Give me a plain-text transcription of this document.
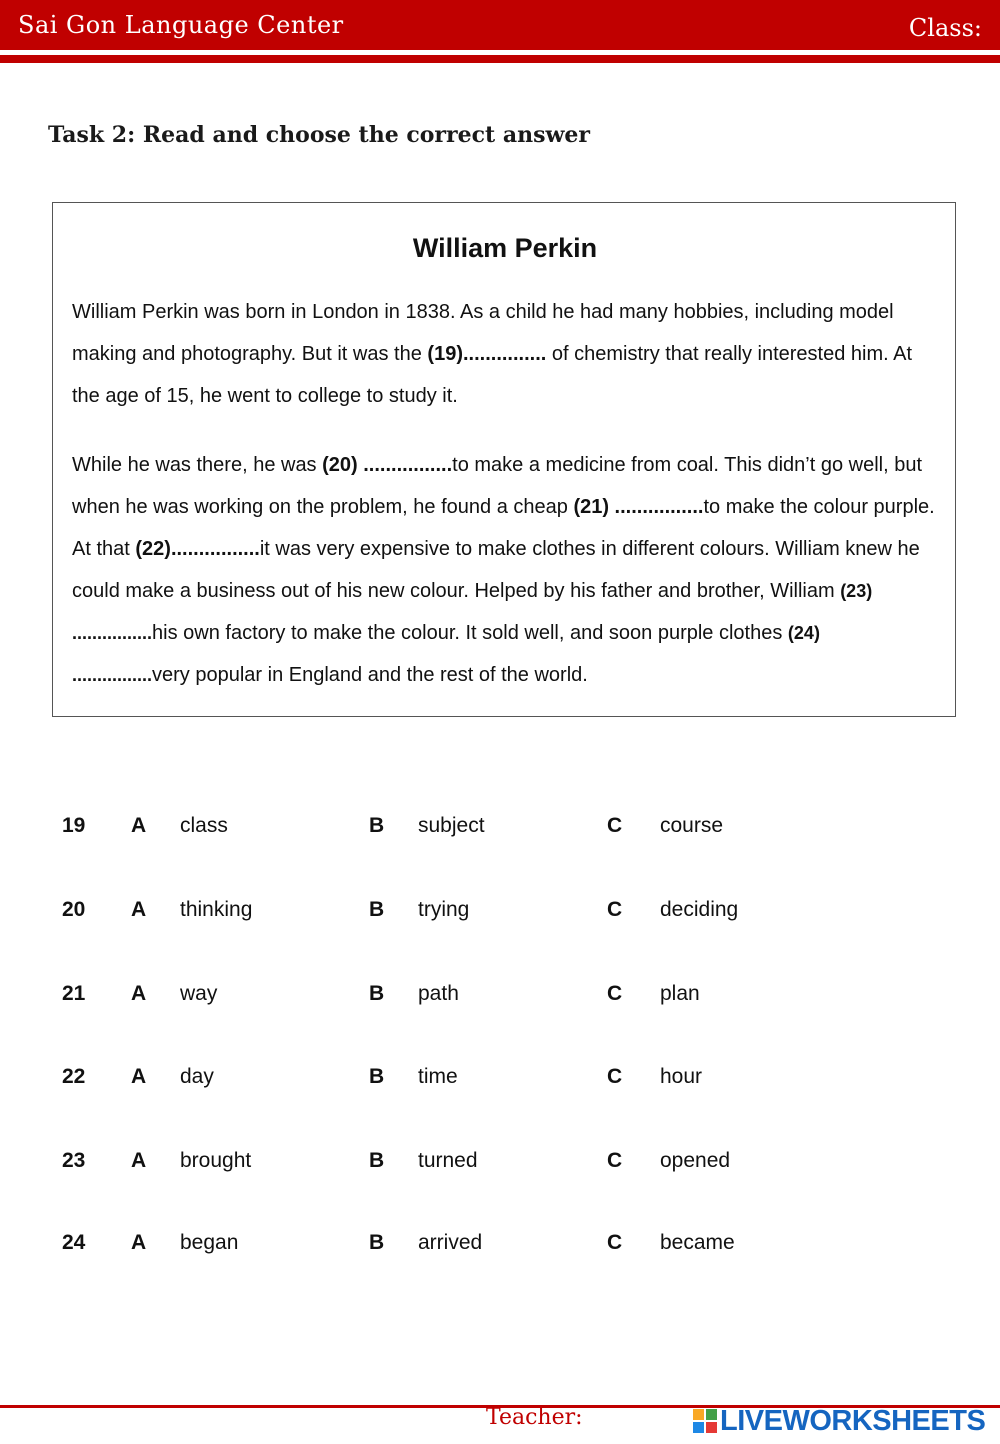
Sai Gon Language Center	Class:
Task 2: Read and choose the correct answer
William Perkin
William Perkin was born in London in 1838. As a child he had many hobbies, including model making and photography. But it was the (19)............... of chemistry that really interested him. At the age of 15, he went to college to study it.
While he was there, he was (20) ................to make a medicine from coal. This didn’t go well, but when he was working on the problem, he found a cheap (21) ................to make the colour purple. At that (22)................it was very expensive to make clothes in different colours. William knew he could make a business out of his new colour. Helped by his father and brother, William (23) ................his own factory to make the colour. It sold well, and soon purple clothes (24) ................very popular in England and the rest of the world.
19 A class	B subject	C course
20 A thinking	B trying	C deciding
21 A way	B path	C plan
22 A day	B time	C hour
23 A brought	B turned	C opened
24 A began	B arrived	C became
Teacher:	LIVEWORKSHEETS
